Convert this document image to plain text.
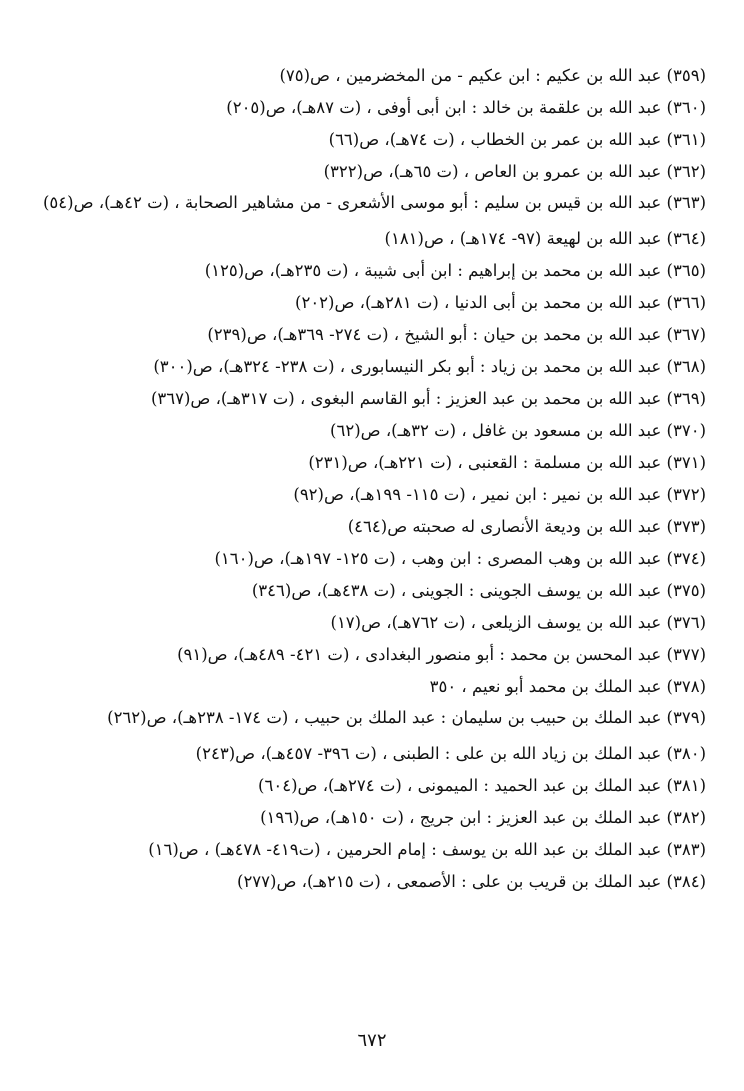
(٣٥٩) عبد الله بن عكيم : ابن عكيم - من المخضرمين ، ص(٧٥)
(٣٦٠) عبد الله بن علقمة بن خالد : ابن أبى أوفى ، (ت ٨٧هـ)، ص(٢٠٥)
(٣٦١) عبد الله بن عمر بن الخطاب ، (ت ٧٤هـ)، ص(٦٦)
(٣٦٢) عبد الله بن عمرو بن العاص ، (ت ٦٥هـ)، ص(٣٢٢)
(٣٦٣) عبد الله بن قيس بن سليم : أبو موسى الأشعرى - من مشاهير الصحابة ، (ت ٤٢هـ)، ص(٥٤)
(٣٦٤) عبد الله بن لهيعة (٩٧- ١٧٤هـ) ، ص(١٨١)
(٣٦٥) عبد الله بن محمد بن إبراهيم : ابن أبى شيبة ، (ت ٢٣٥هـ)، ص(١٢٥)
(٣٦٦) عبد الله بن محمد بن أبى الدنيا ، (ت ٢٨١هـ)، ص(٢٠٢)
(٣٦٧) عبد الله بن محمد بن حيان : أبو الشيخ ، (ت ٢٧٤- ٣٦٩هـ)، ص(٢٣٩)
(٣٦٨) عبد الله بن محمد بن زياد : أبو بكر النيسابورى ، (ت ٢٣٨- ٣٢٤هـ)، ص(٣٠٠)
(٣٦٩) عبد الله بن محمد بن عبد العزيز : أبو القاسم البغوى ، (ت ٣١٧هـ)، ص(٣٦٧)
(٣٧٠) عبد الله بن مسعود بن غافل ، (ت ٣٢هـ)، ص(٦٢)
(٣٧١) عبد الله بن مسلمة : القعنبى ، (ت ٢٢١هـ)، ص(٢٣١)
(٣٧٢) عبد الله بن نمير : ابن نمير ، (ت ١١٥- ١٩٩هـ)، ص(٩٢)
(٣٧٣) عبد الله بن وديعة الأنصارى له صحبته ص(٤٦٤)
(٣٧٤) عبد الله بن وهب المصرى : ابن وهب ، (ت ١٢٥- ١٩٧هـ)، ص(١٦٠)
(٣٧٥) عبد الله بن يوسف الجوينى : الجوينى ، (ت ٤٣٨هـ)، ص(٣٤٦)
(٣٧٦) عبد الله بن يوسف الزيلعى ، (ت ٧٦٢هـ)، ص(١٧)
(٣٧٧) عبد المحسن بن محمد : أبو منصور البغدادى ، (ت ٤٢١- ٤٨٩هـ)، ص(٩١)
(٣٧٨) عبد الملك بن محمد أبو نعيم ، ٣٥٠
(٣٧٩) عبد الملك بن حبيب بن سليمان : عبد الملك بن حبيب ، (ت ١٧٤- ٢٣٨هـ)، ص(٢٦٢)
(٣٨٠) عبد الملك بن زياد الله بن على : الطبنى ، (ت ٣٩٦- ٤٥٧هـ)، ص(٢٤٣)
(٣٨١) عبد الملك بن عبد الحميد : الميمونى ، (ت ٢٧٤هـ)، ص(٦٠٤)
(٣٨٢) عبد الملك بن عبد العزيز : ابن جريج ، (ت ١٥٠هـ)، ص(١٩٦)
(٣٨٣) عبد الملك بن عبد الله بن يوسف : إمام الحرمين ، (ت٤١٩- ٤٧٨هـ) ، ص(١٦)
(٣٨٤) عبد الملك بن قريب بن على : الأصمعى ، (ت ٢١٥هـ)، ص(٢٧٧)
٦٧٢
